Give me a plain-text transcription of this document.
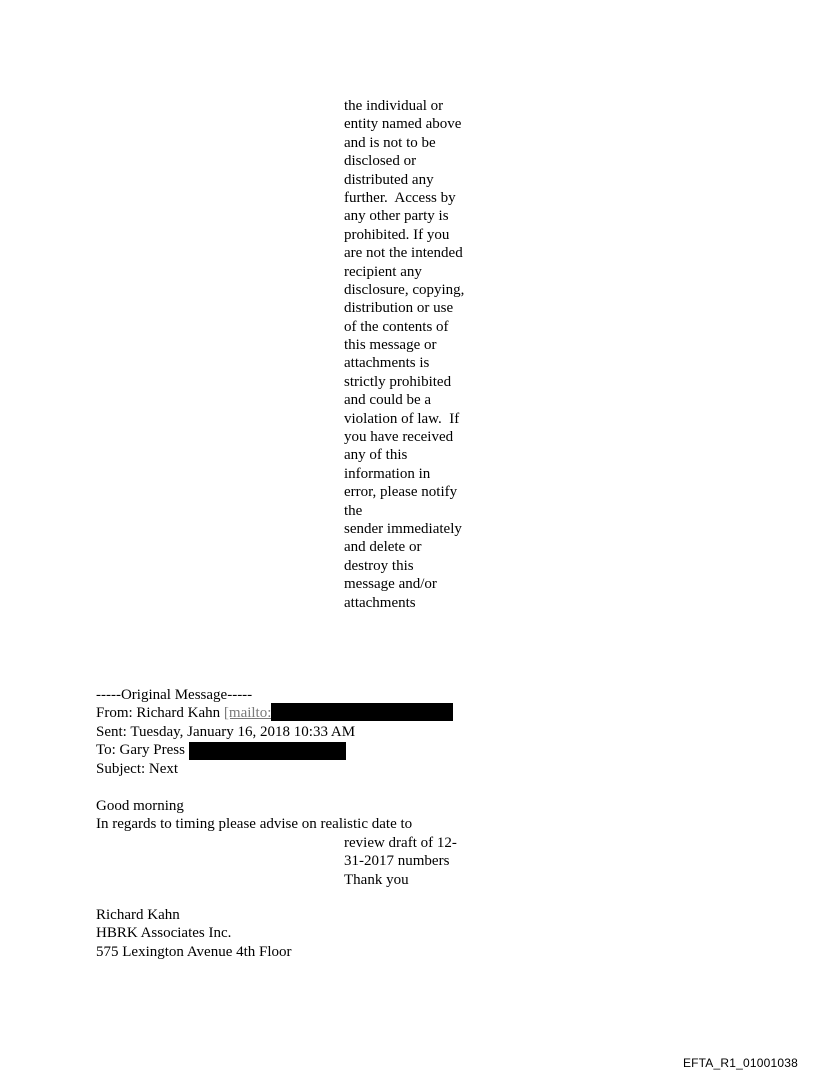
the individual or
entity named above
and is not to be
disclosed or
distributed any
further.  Access by
any other party is
prohibited. If you
are not the intended
recipient any
disclosure, copying,
distribution or use
of the contents of
this message or
attachments is
strictly prohibited
and could be a
violation of law.  If
you have received
any of this
information in
error, please notify
the
sender immediately
and delete or
destroy this
message and/or
attachments
-----Original Message-----
From: Richard Kahn [mailto:
Sent: Tuesday, January 16, 2018 10:33 AM
To: Gary Press
Subject: Next
Good morning
In regards to timing please advise on realistic date to
review draft of 12-
31-2017 numbers
Thank you
Richard Kahn
HBRK Associates Inc.
575 Lexington Avenue 4th Floor
EFTA_R1_01001038
